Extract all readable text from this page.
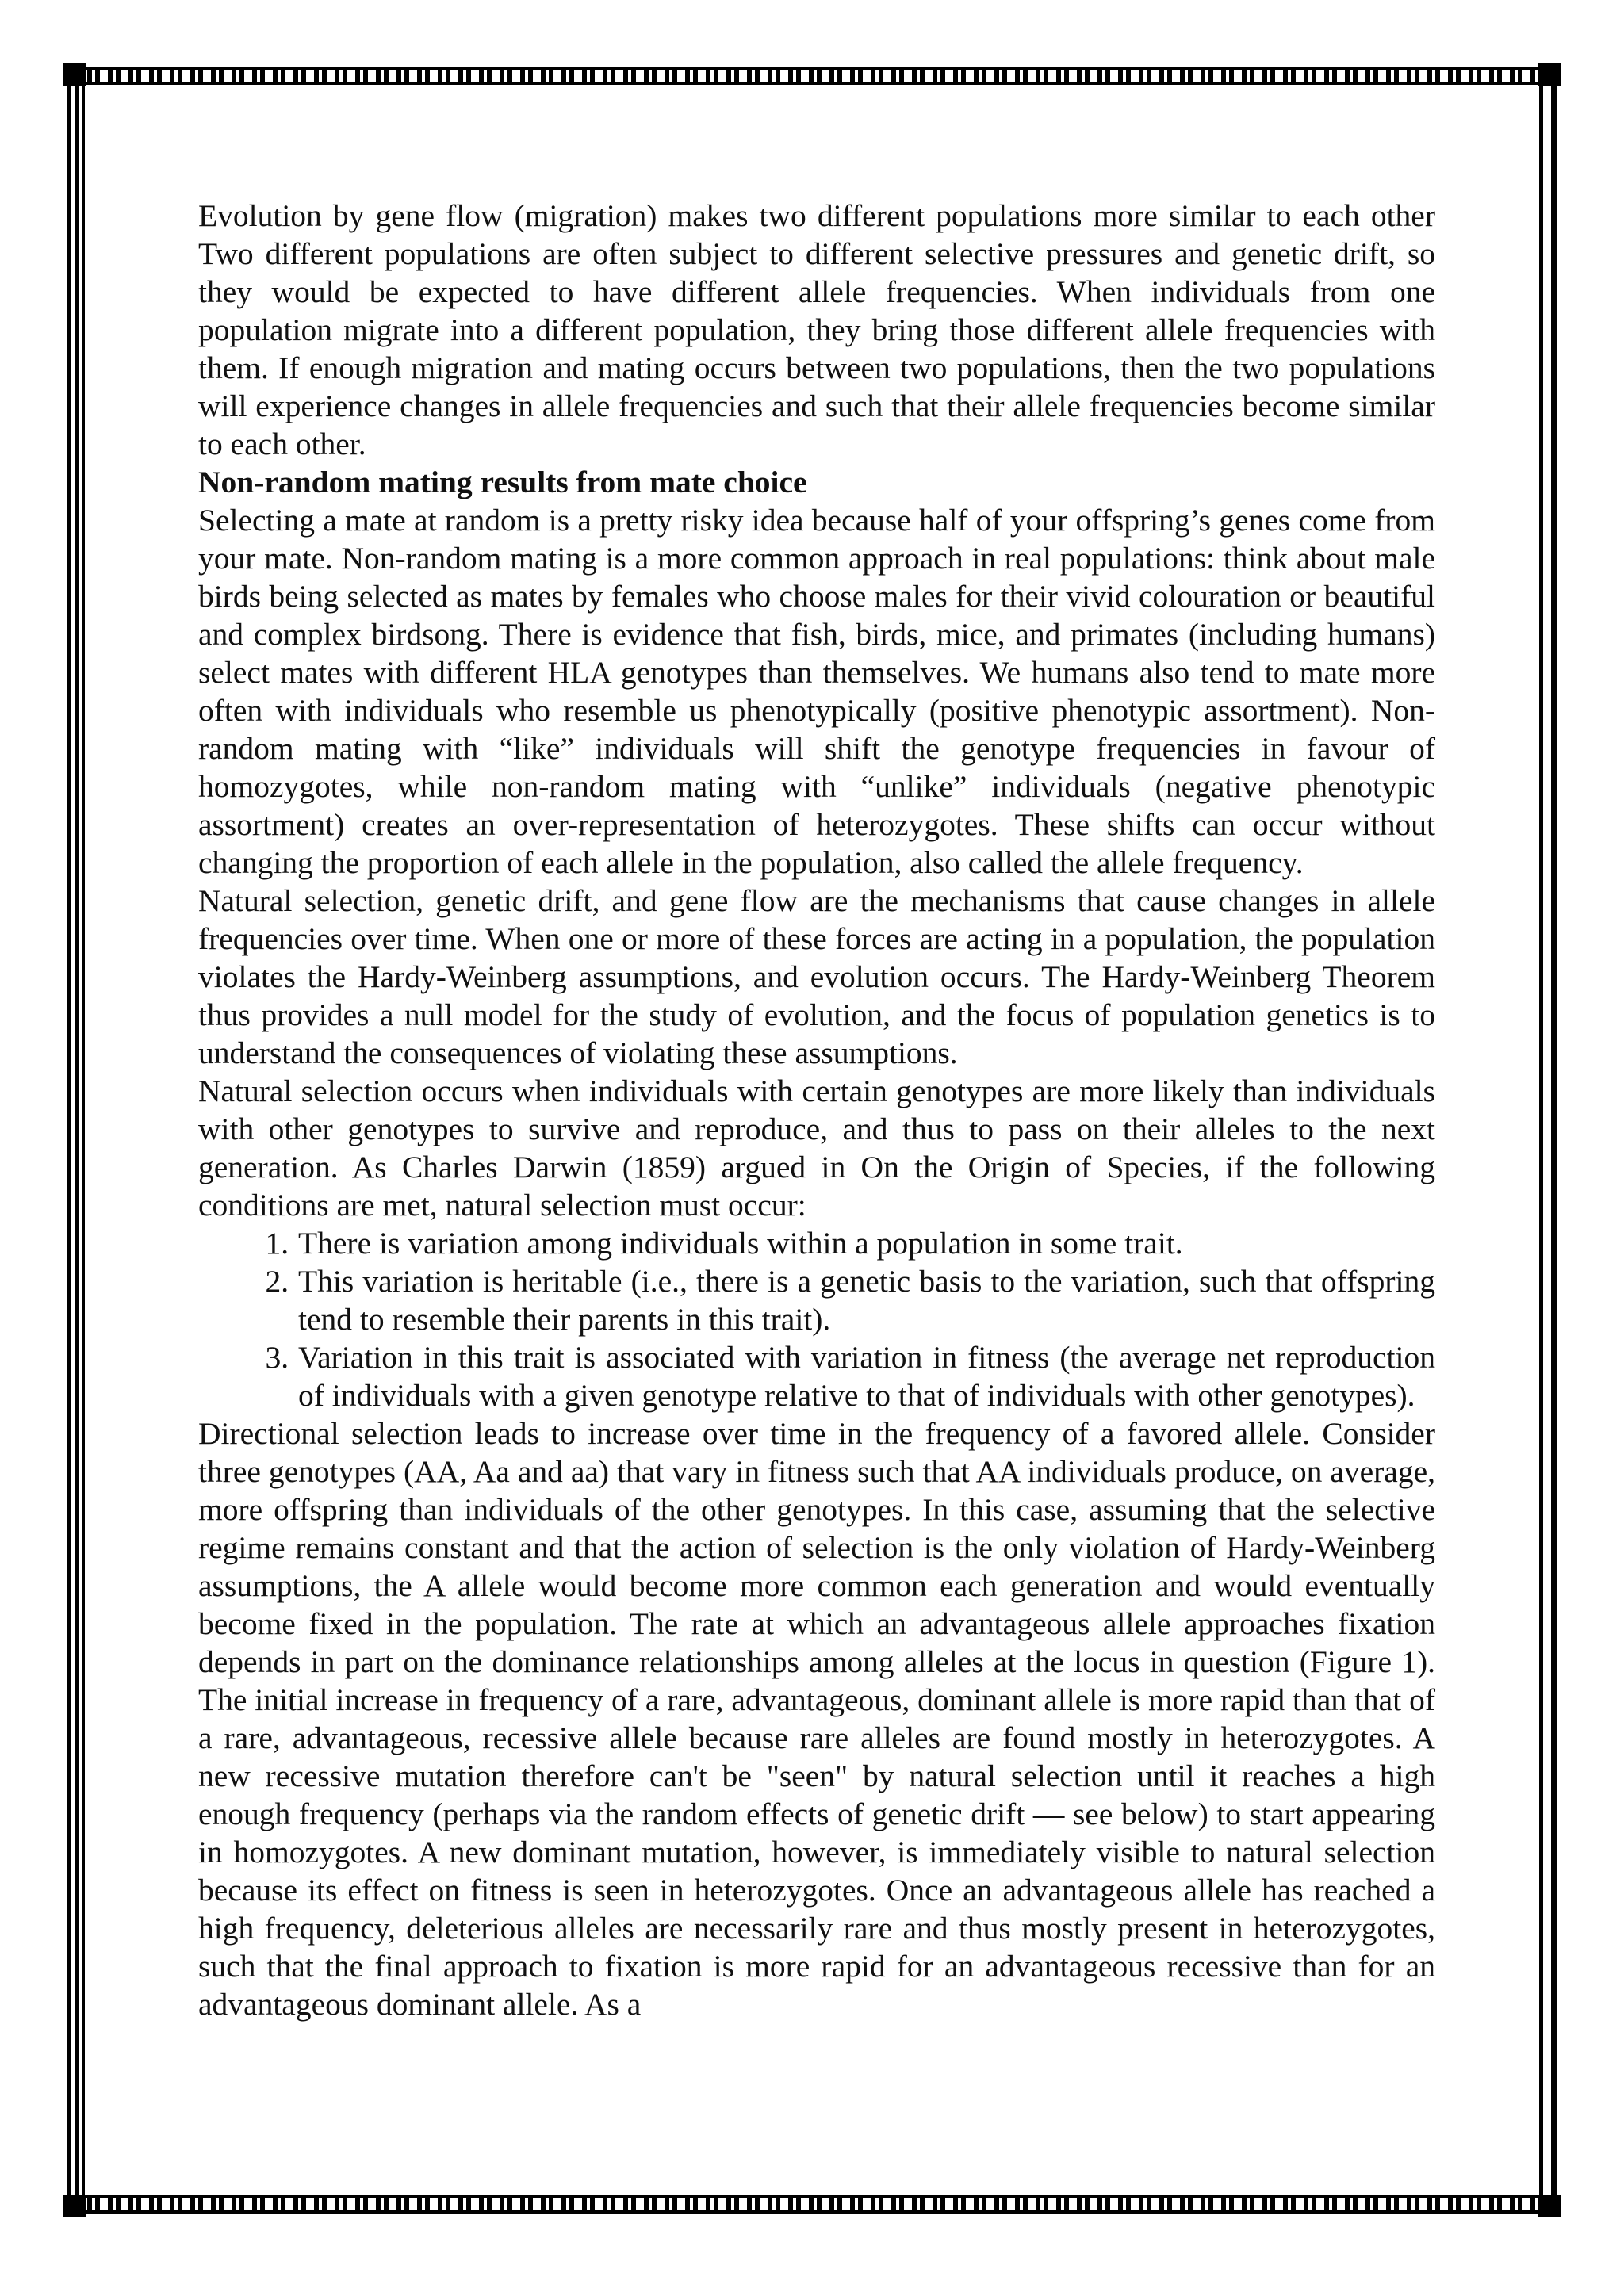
Evolution by gene flow (migration) makes two different populations more similar to each other Two different populations are often subject to different selective pressures and genetic drift, so they would be expected to have different allele frequencies. When individuals from one population migrate into a different population, they bring those different allele frequencies with them. If enough migration and mating occurs between two populations, then the two populations will experience changes in allele frequencies and such that their allele frequencies become similar to each other.

Non-random mating results from mate choice

Selecting a mate at random is a pretty risky idea because half of your offspring’s genes come from your mate. Non-random mating is a more common approach in real populations: think about male birds being selected as mates by females who choose males for their vivid colouration or beautiful and complex birdsong. There is evidence that fish, birds, mice, and primates (including humans) select mates with different HLA genotypes than themselves. We humans also tend to mate more often with individuals who resemble us phenotypically (positive phenotypic assortment). Non-random mating with “like” individuals will shift the genotype frequencies in favour of homozygotes, while non-random mating with “unlike” individuals (negative phenotypic assortment) creates an over-representation of heterozygotes. These shifts can occur without changing the proportion of each allele in the population, also called the allele frequency.

Natural selection, genetic drift, and gene flow are the mechanisms that cause changes in allele frequencies over time. When one or more of these forces are acting in a population, the population violates the Hardy-Weinberg assumptions, and evolution occurs. The Hardy-Weinberg Theorem thus provides a null model for the study of evolution, and the focus of population genetics is to understand the consequences of violating these assumptions.

Natural selection occurs when individuals with certain genotypes are more likely than individuals with other genotypes to survive and reproduce, and thus to pass on their alleles to the next generation. As Charles Darwin (1859) argued in On the Origin of Species, if the following conditions are met, natural selection must occur:

1. There is variation among individuals within a population in some trait.
2. This variation is heritable (i.e., there is a genetic basis to the variation, such that offspring tend to resemble their parents in this trait).
3. Variation in this trait is associated with variation in fitness (the average net reproduction of individuals with a given genotype relative to that of individuals with other genotypes).

Directional selection leads to increase over time in the frequency of a favored allele. Consider three genotypes (AA, Aa and aa) that vary in fitness such that AA individuals produce, on average, more offspring than individuals of the other genotypes. In this case, assuming that the selective regime remains constant and that the action of selection is the only violation of Hardy-Weinberg assumptions, the A allele would become more common each generation and would eventually become fixed in the population. The rate at which an advantageous allele approaches fixation depends in part on the dominance relationships among alleles at the locus in question (Figure 1). The initial increase in frequency of a rare, advantageous, dominant allele is more rapid than that of a rare, advantageous, recessive allele because rare alleles are found mostly in heterozygotes. A new recessive mutation therefore can't be "seen" by natural selection until it reaches a high enough frequency (perhaps via the random effects of genetic drift — see below) to start appearing in homozygotes. A new dominant mutation, however, is immediately visible to natural selection because its effect on fitness is seen in heterozygotes. Once an advantageous allele has reached a high frequency, deleterious alleles are necessarily rare and thus mostly present in heterozygotes, such that the final approach to fixation is more rapid for an advantageous recessive than for an advantageous dominant allele. As a
